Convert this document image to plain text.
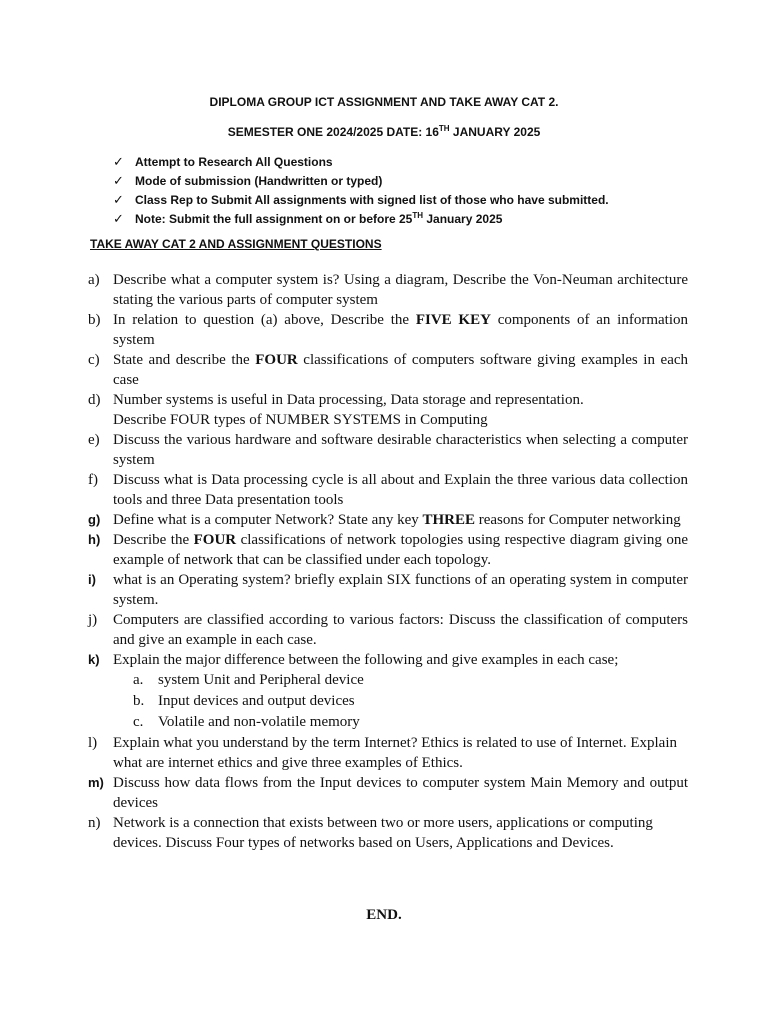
DIPLOMA GROUP ICT ASSIGNMENT AND TAKE AWAY CAT 2.
SEMESTER ONE 2024/2025 DATE: 16TH JANUARY 2025
✓ Attempt to Research All Questions
✓ Mode of submission (Handwritten or typed)
✓ Class Rep to Submit All assignments with signed list of those who have submitted.
✓ Note: Submit the full assignment on or before 25TH January 2025
TAKE AWAY CAT 2 AND ASSIGNMENT QUESTIONS
a) Describe what a computer system is? Using a diagram, Describe the Von-Neuman architecture stating the various parts of computer system
b) In relation to question (a) above, Describe the FIVE KEY components of an information system
c) State and describe the FOUR classifications of computers software giving examples in each case
d) Number systems is useful in Data processing, Data storage and representation.
Describe FOUR types of NUMBER SYSTEMS in Computing
e) Discuss the various hardware and software desirable characteristics when selecting a computer system
f) Discuss what is Data processing cycle is all about and Explain the three various data collection tools and three Data presentation tools
g) Define what is a computer Network? State any key THREE reasons for Computer networking
h) Describe the FOUR classifications of network topologies using respective diagram giving one example of network that can be classified under each topology.
i) what is an Operating system? briefly explain SIX functions of an operating system in computer system.
j) Computers are classified according to various factors: Discuss the classification of computers and give an example in each case.
k) Explain the major difference between the following and give examples in each case;
a. system Unit and Peripheral device
b. Input devices and output devices
c. Volatile and non-volatile memory
l) Explain what you understand by the term Internet? Ethics is related to use of Internet. Explain what are internet ethics and give three examples of Ethics.
m) Discuss how data flows from the Input devices to computer system Main Memory and output devices
n) Network is a connection that exists between two or more users, applications or computing devices. Discuss Four types of networks based on Users, Applications and Devices.
END.
